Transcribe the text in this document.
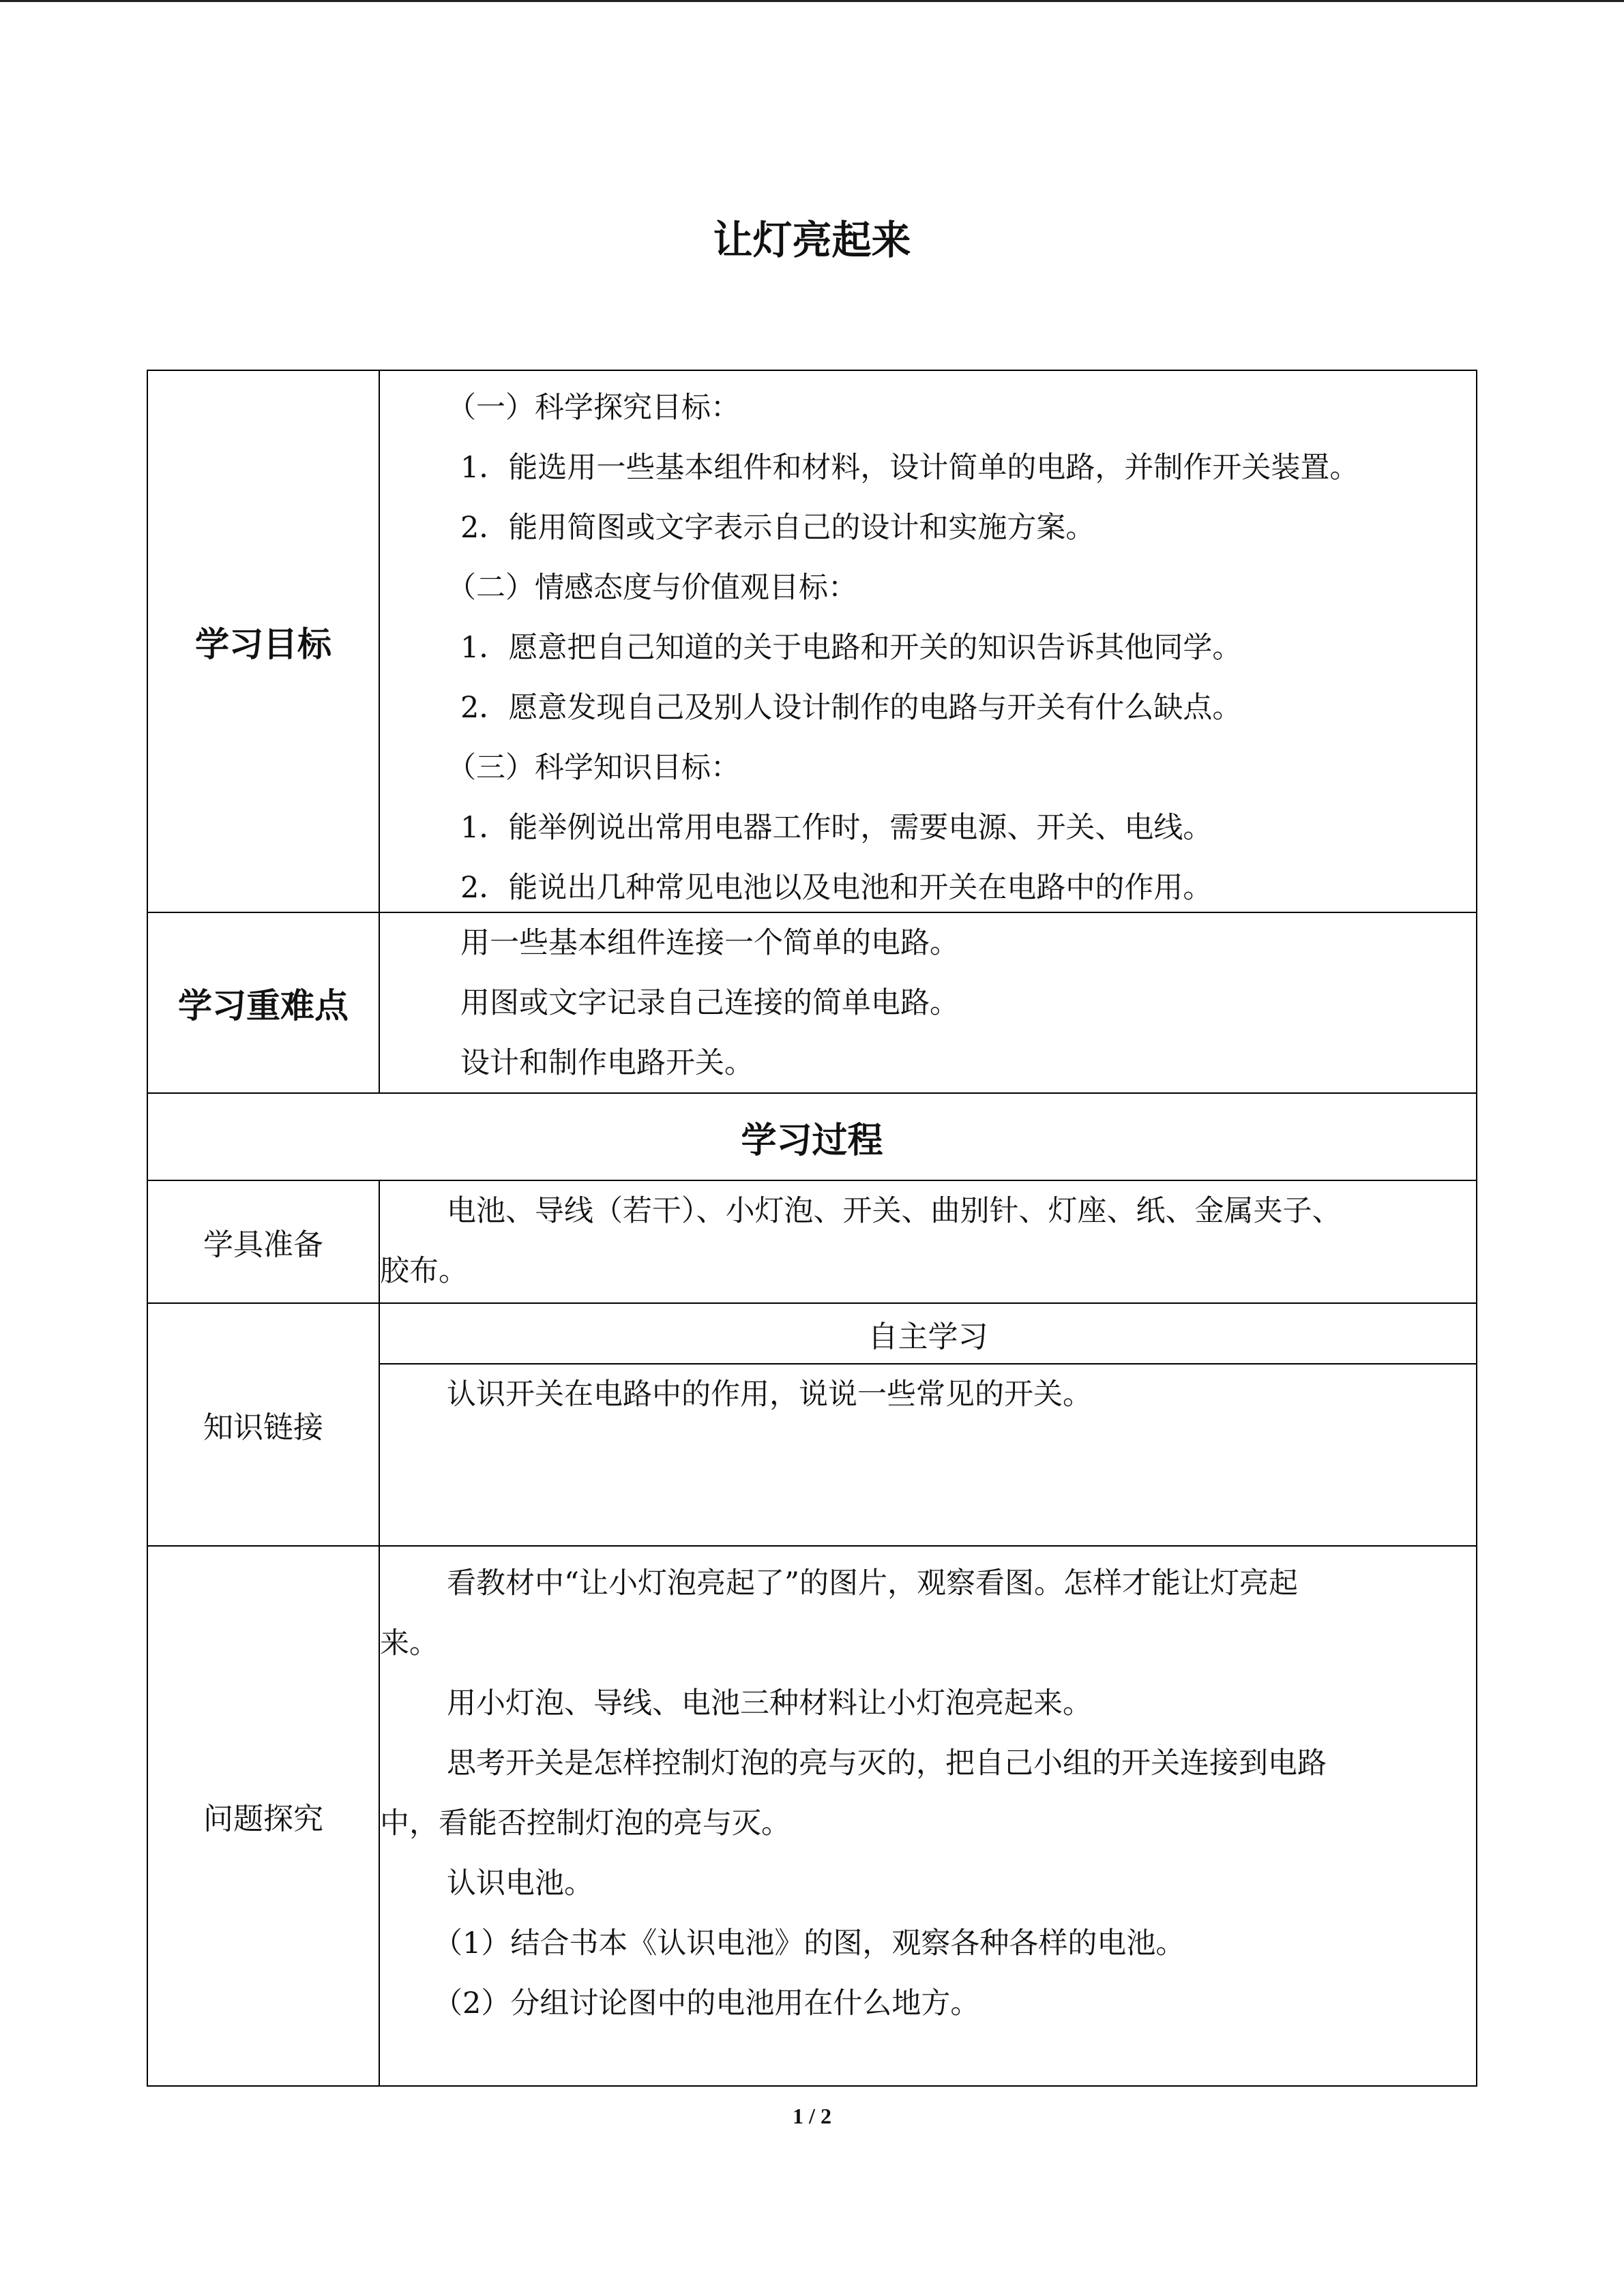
让灯亮起来
学习目标
（一）科学探究目标：
1．能选用一些基本组件和材料，设计简单的电路，并制作开关装置。
2．能用简图或文字表示自己的设计和实施方案。
（二）情感态度与价值观目标：
1．愿意把自己知道的关于电路和开关的知识告诉其他同学。
2．愿意发现自己及别人设计制作的电路与开关有什么缺点。
（三）科学知识目标：
1．能举例说出常用电器工作时，需要电源、开关、电线。
2．能说出几种常见电池以及电池和开关在电路中的作用。
学习重难点
用一些基本组件连接一个简单的电路。
用图或文字记录自己连接的简单电路。
设计和制作电路开关。
学习过程
学具准备
电池、导线（若干）、小灯泡、开关、曲别针、灯座、纸、金属夹子、
胶布。
知识链接
自主学习
认识开关在电路中的作用，说说一些常见的开关。
问题探究
看教材中“让小灯泡亮起了”的图片，观察看图。怎样才能让灯亮起
来。
用小灯泡、导线、电池三种材料让小灯泡亮起来。
思考开关是怎样控制灯泡的亮与灭的，把自己小组的开关连接到电路
中，看能否控制灯泡的亮与灭。
认识电池。
（1）结合书本《认识电池》的图，观察各种各样的电池。
（2）分组讨论图中的电池用在什么地方。
1 / 2
